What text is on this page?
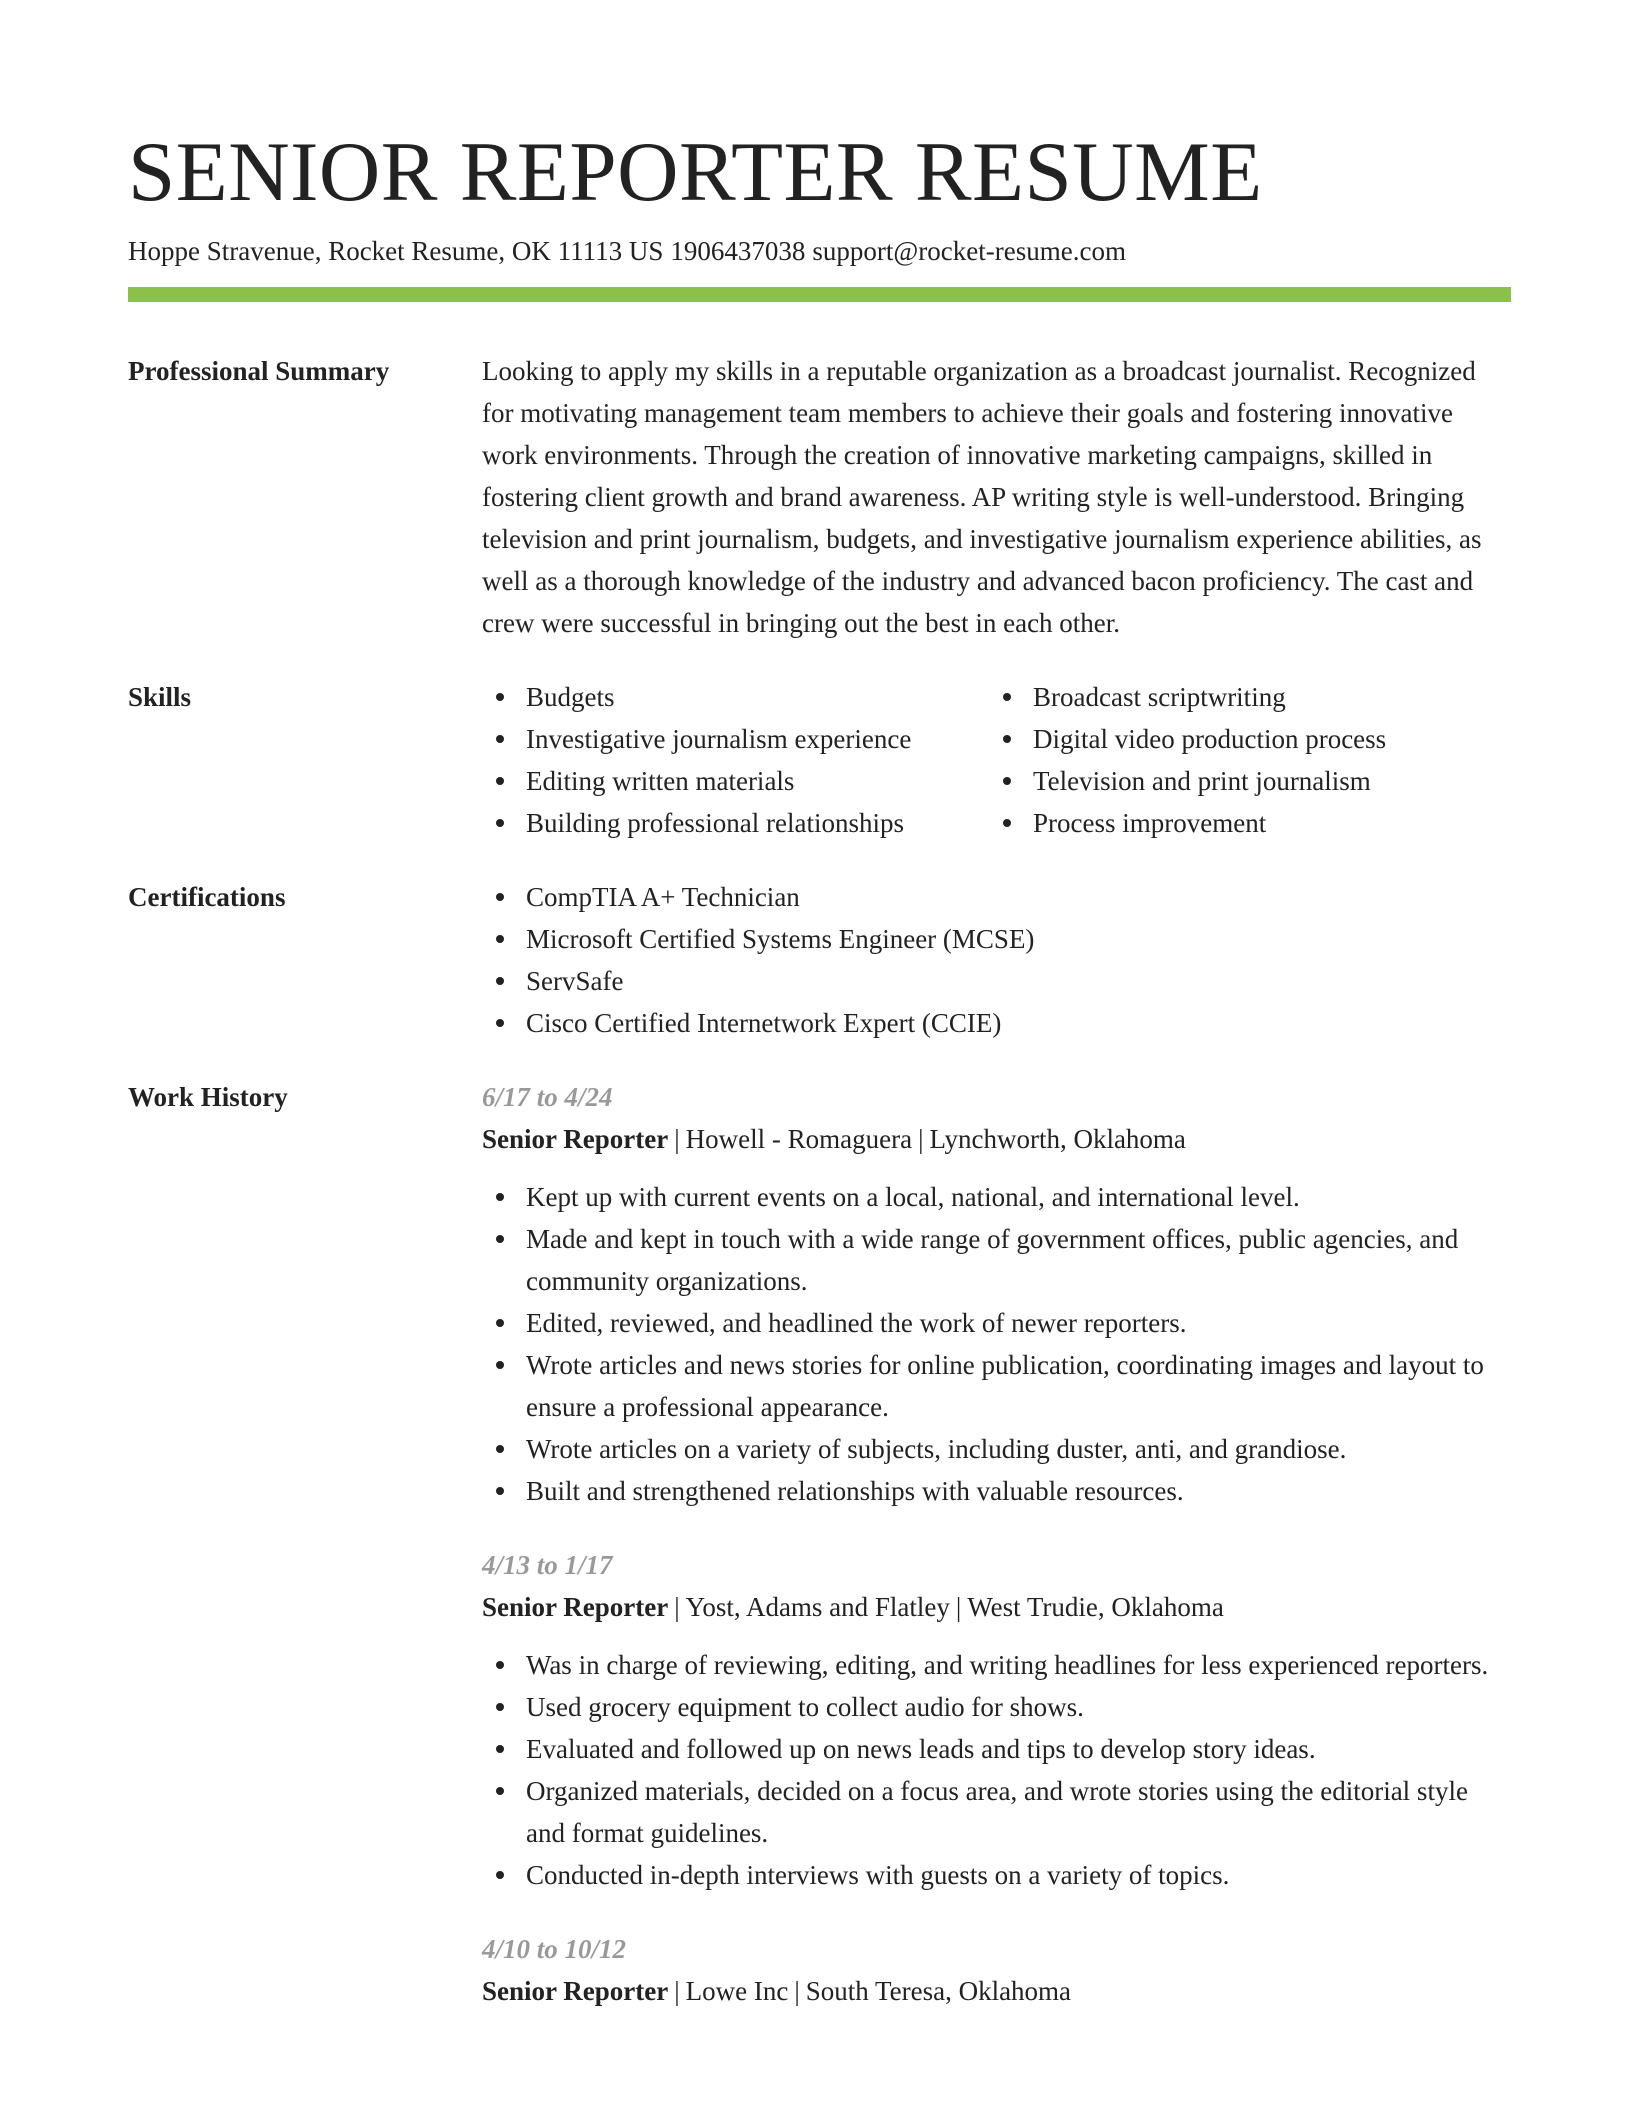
SENIOR REPORTER RESUME
Hoppe Stravenue, Rocket Resume, OK 11113 US 1906437038 support@rocket-resume.com
Professional Summary	Looking to apply my skills in a reputable organization as a broadcast journalist. Recognized for motivating management team members to achieve their goals and fostering innovative work environments. Through the creation of innovative marketing campaigns, skilled in fostering client growth and brand awareness. AP writing style is well-understood. Bringing television and print journalism, budgets, and investigative journalism experience abilities, as well as a thorough knowledge of the industry and advanced bacon proficiency. The cast and crew were successful in bringing out the best in each other.

Skills	Budgets
Investigative journalism experience
Editing written materials
Building professional relationships
Broadcast scriptwriting
Digital video production process
Television and print journalism
Process improvement
Certifications	CompTIA A+ Technician
Microsoft Certified Systems Engineer (MCSE)
ServSafe
Cisco Certified Internetwork Expert (CCIE)
Work History	6/17 to 4/24
Senior Reporter | Howell - Romaguera | Lynchworth, Oklahoma
Kept up with current events on a local, national, and international level.
Made and kept in touch with a wide range of government offices, public agencies, and community organizations.
Edited, reviewed, and headlined the work of newer reporters.
Wrote articles and news stories for online publication, coordinating images and layout to ensure a professional appearance.
Wrote articles on a variety of subjects, including duster, anti, and grandiose.
Built and strengthened relationships with valuable resources.
4/13 to 1/17
Senior Reporter | Yost, Adams and Flatley | West Trudie, Oklahoma
Was in charge of reviewing, editing, and writing headlines for less experienced reporters.
Used grocery equipment to collect audio for shows.
Evaluated and followed up on news leads and tips to develop story ideas.
Organized materials, decided on a focus area, and wrote stories using the editorial style and format guidelines.
Conducted in-depth interviews with guests on a variety of topics.
4/10 to 10/12
Senior Reporter | Lowe Inc | South Teresa, Oklahoma
